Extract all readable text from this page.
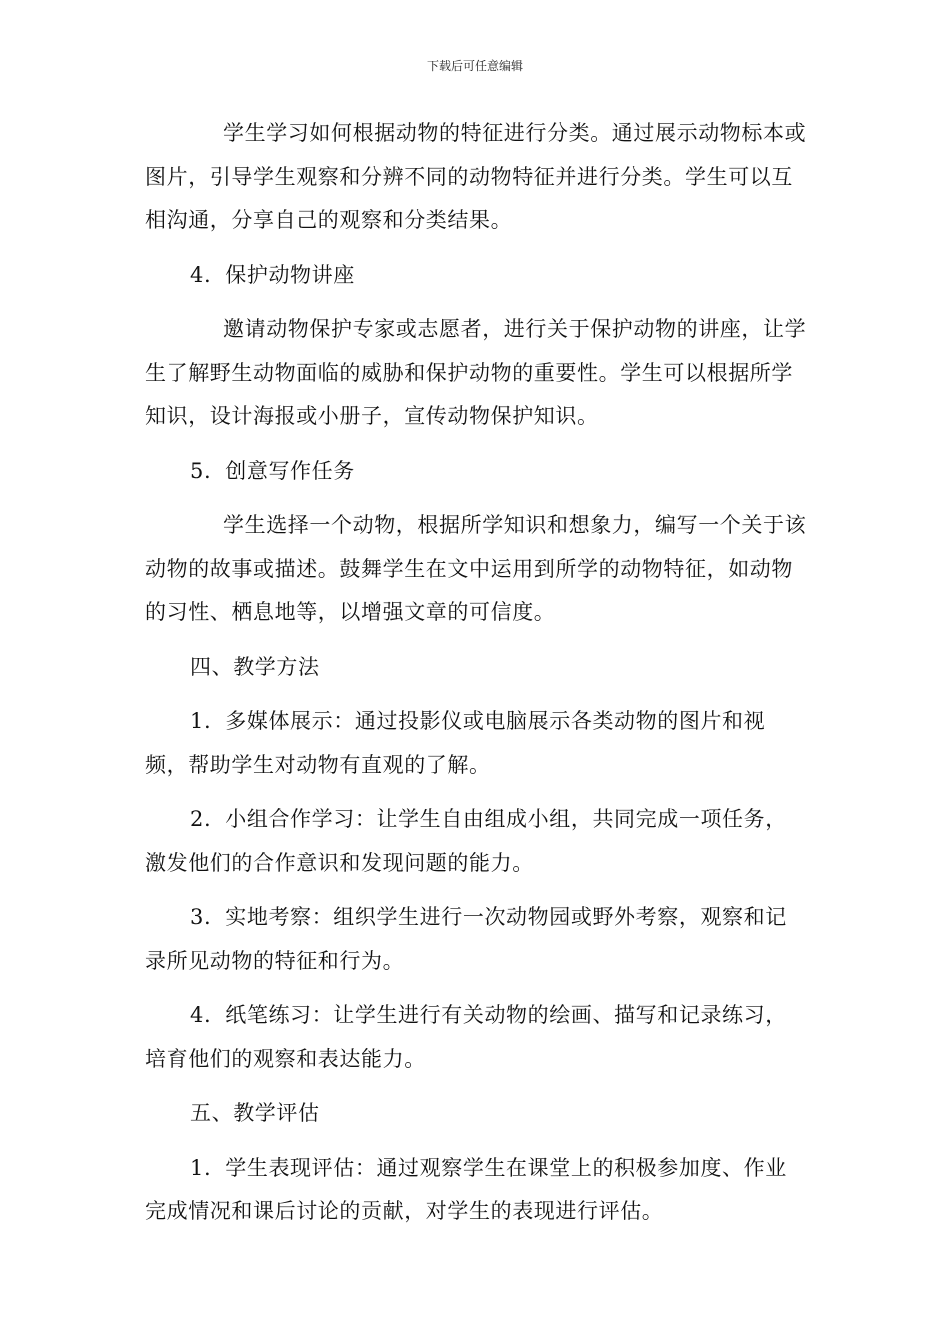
下载后可任意编辑

学生学习如何根据动物的特征进行分类。通过展示动物标本或图片，引导学生观察和分辨不同的动物特征并进行分类。学生可以互相沟通，分享自己的观察和分类结果。

4. 保护动物讲座

邀请动物保护专家或志愿者，进行关于保护动物的讲座，让学生了解野生动物面临的威胁和保护动物的重要性。学生可以根据所学知识，设计海报或小册子，宣传动物保护知识。

5. 创意写作任务

学生选择一个动物，根据所学知识和想象力，编写一个关于该动物的故事或描述。鼓舞学生在文中运用到所学的动物特征，如动物的习性、栖息地等，以增强文章的可信度。

四、教学方法

1. 多媒体展示：通过投影仪或电脑展示各类动物的图片和视频，帮助学生对动物有直观的了解。

2. 小组合作学习：让学生自由组成小组，共同完成一项任务，激发他们的合作意识和发现问题的能力。

3. 实地考察：组织学生进行一次动物园或野外考察，观察和记录所见动物的特征和行为。

4. 纸笔练习：让学生进行有关动物的绘画、描写和记录练习，培育他们的观察和表达能力。

五、教学评估

1. 学生表现评估：通过观察学生在课堂上的积极参加度、作业完成情况和课后讨论的贡献，对学生的表现进行评估。
